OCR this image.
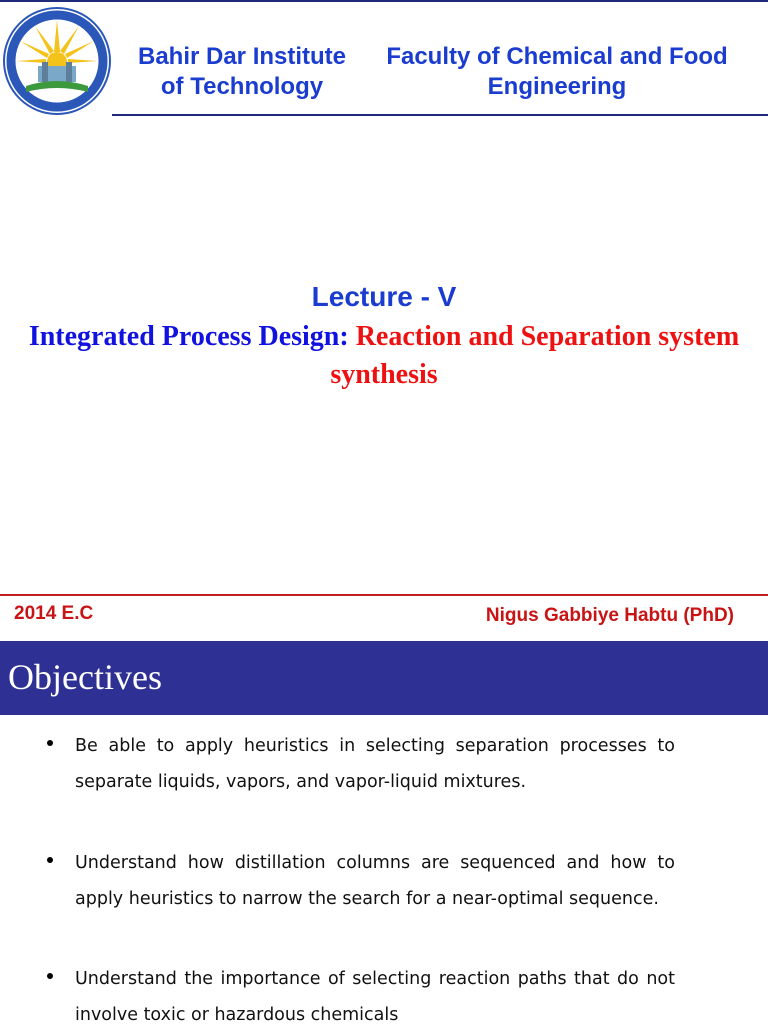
Bahir Dar Institute of Technology
Faculty of Chemical and Food Engineering
Lecture - V
Integrated Process Design: Reaction and Separation system synthesis
2014 E.C	Nigus Gabbiye Habtu (PhD)
Objectives
Be able to apply heuristics in selecting separation processes to separate liquids, vapors, and vapor-liquid mixtures.
Understand how distillation columns are sequenced and how to apply heuristics to narrow the search for a near-optimal sequence.
Understand the importance of selecting reaction paths that do not involve toxic or hazardous chemicals
